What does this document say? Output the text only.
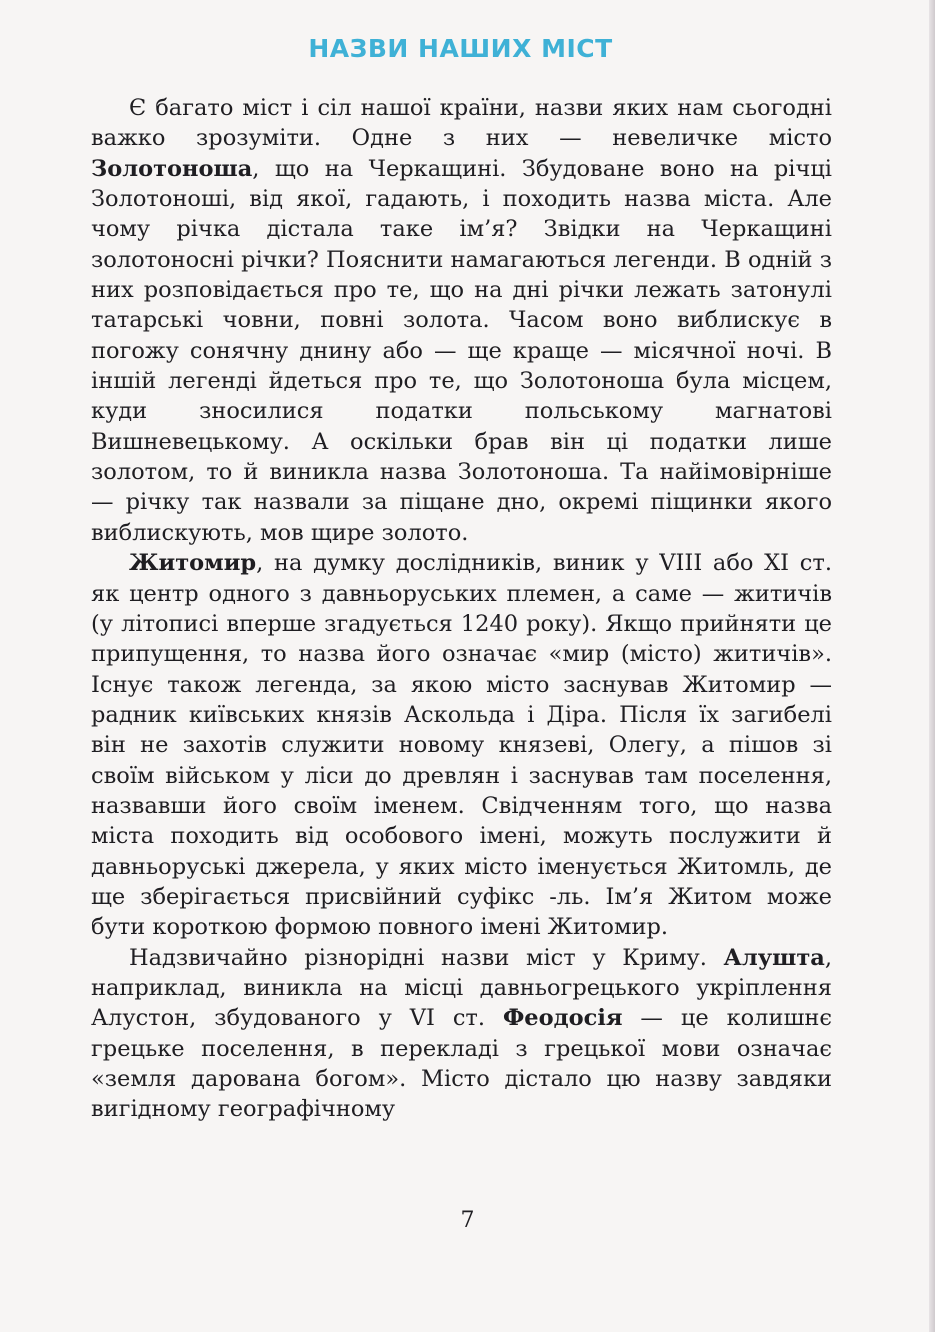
НАЗВИ НАШИХ МІСТ

Є багато міст і сіл нашої країни, назви яких нам сьогодні важко зрозуміти. Одне з них — невеличке місто Золотоноша, що на Черкащині. Збудоване воно на річці Золотоноші, від якої, гадають, і походить назва міста. Але чому річка дістала таке ім’я? Звідки на Черкащині золотоносні річки? Пояснити намагаються легенди. В одній з них розповідається про те, що на дні річки лежать затонулі татарські човни, повні золота. Часом воно виблискує в погожу сонячну днину або — ще краще — місячної ночі. В іншій легенді йдеться про те, що Золотоноша була місцем, куди зносилися податки польському магнатові Вишневецькому. А оскільки брав він ці податки лише золотом, то й виникла назва Золотоноша. Та найімовірніше — річку так назвали за піщане дно, окремі піщинки якого виблискують, мов щире золото.

Житомир, на думку дослідників, виник у VIII або XI ст. як центр одного з давньоруських племен, а саме — житичів (у літописі вперше згадується 1240 року). Якщо прийняти це припущення, то назва його означає «мир (місто) житичів». Існує також легенда, за якою місто заснував Житомир — радник київських князів Аскольда і Діра. Після їх загибелі він не захотів служити новому князеві, Олегу, а пішов зі своїм військом у ліси до древлян і заснував там поселення, назвавши його своїм іменем. Свідченням того, що назва міста походить від особового імені, можуть послужити й давньоруські джерела, у яких місто іменується Житомль, де ще зберігається присвійний суфікс -ль. Ім’я Житом може бути короткою формою повного імені Житомир.

Надзвичайно різнорідні назви міст у Криму. Алушта, наприклад, виникла на місці давньогрецького укріплення Алустон, збудованого у VI ст. Феодосія — це колишнє грецьке поселення, в перекладі з грецької мови означає «земля дарована богом». Місто дістало цю назву завдяки вигідному географічному

7
